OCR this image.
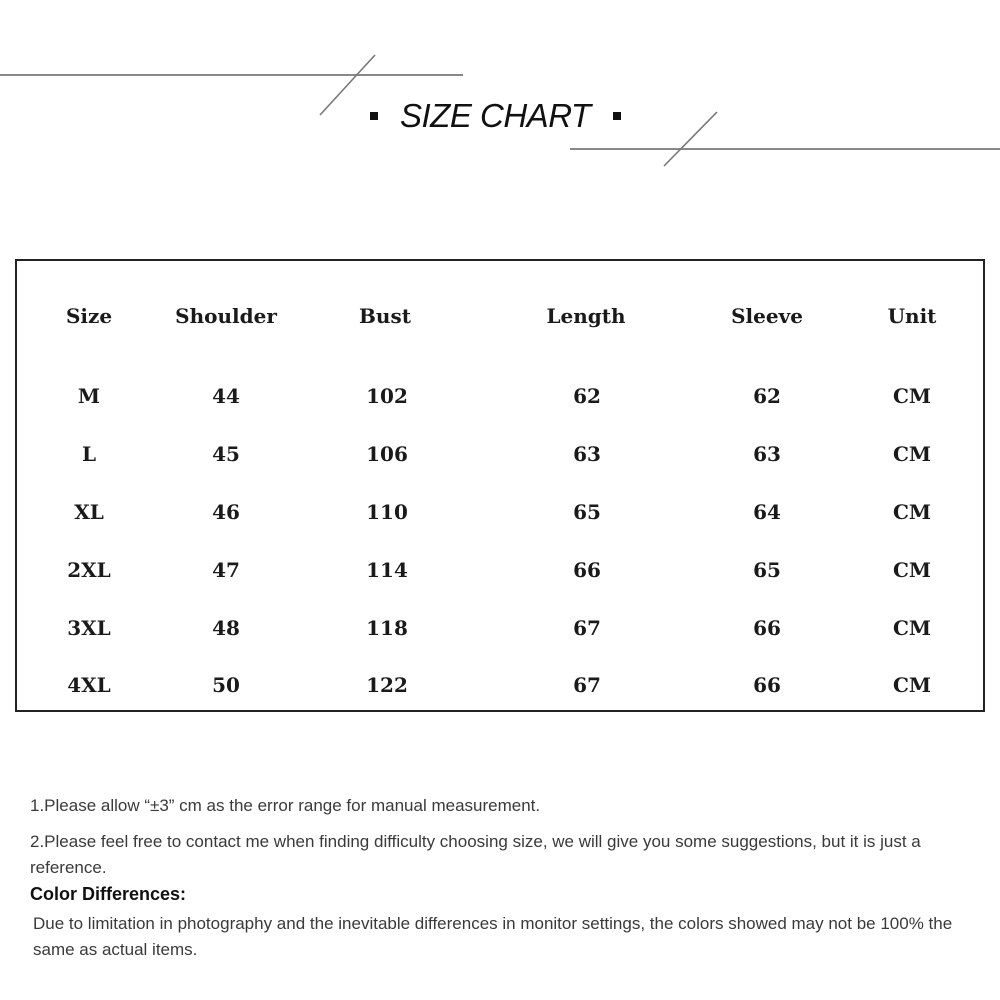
SIZE CHART
Size	Shoulder	Bust	Length	Sleeve	Unit
M	44	102	62	62	CM
L	45	106	63	63	CM
XL	46	110	65	64	CM
2XL	47	114	66	65	CM
3XL	48	118	67	66	CM
4XL	50	122	67	66	CM
1.Please allow “±3” cm as the error range for manual measurement.
2.Please feel free to contact me when finding difficulty choosing size, we will give you some suggestions, but it is just a reference.
Color Differences:
Due to limitation in photography and the inevitable differences in monitor settings, the colors showed may not be 100% the same as actual items.
